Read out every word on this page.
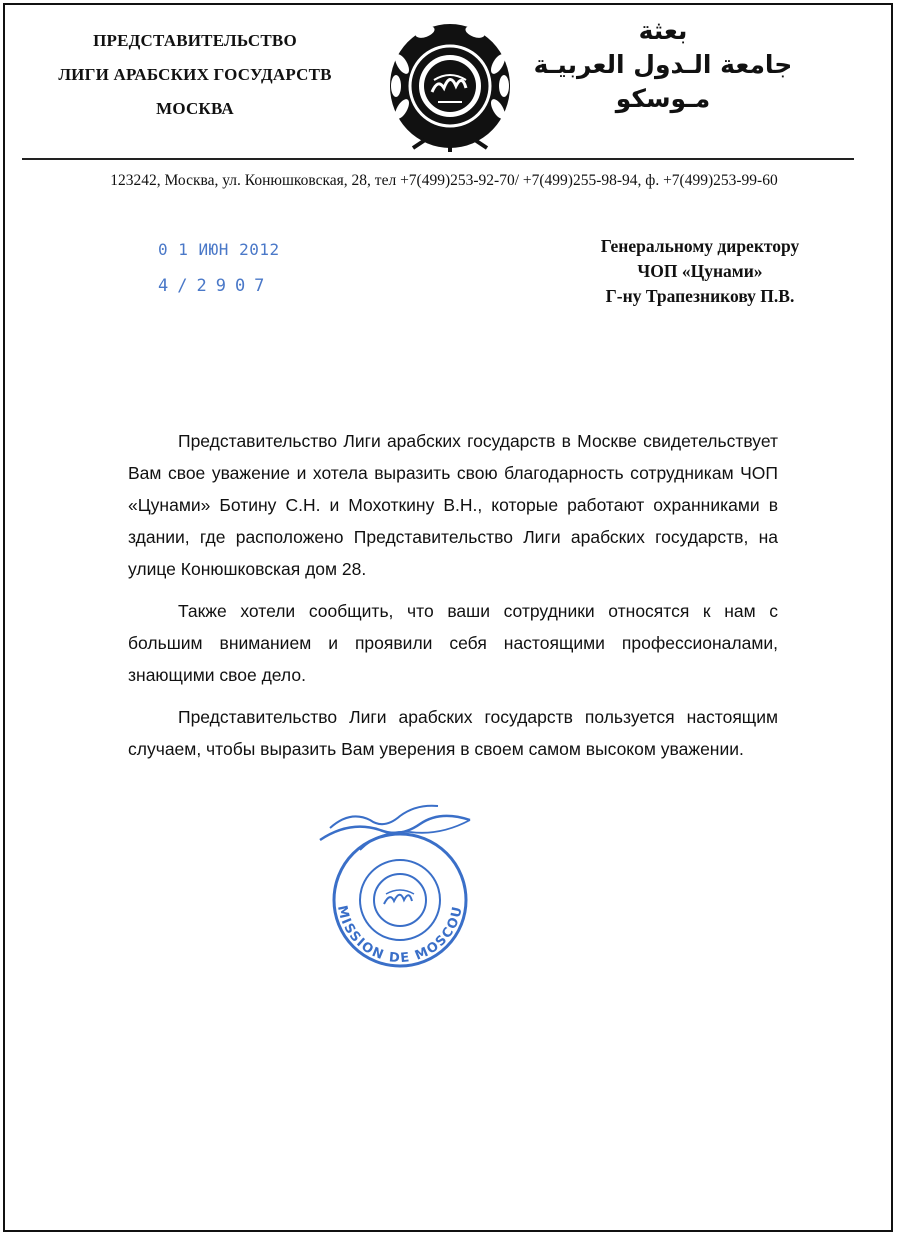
ПРЕДСТАВИТЕЛЬСТВО
ЛИГИ АРАБСКИХ ГОСУДАРСТВ
МОСКВА
بعثة
جامعة الـدول العربيـة
مـوسكو
123242, Москва, ул. Конюшковская, 28, тел +7(499)253-92-70/ +7(499)255-98-94, ф. +7(499)253-99-60
0 1 ИЮН 2012
4/2907
Генеральному директору
ЧОП «Цунами»
Г-ну Трапезникову П.В.

Представительство Лиги арабских государств в Москве свидетельствует Вам свое уважение и хотела выразить свою благодарность сотрудникам ЧОП «Цунами» Ботину С.Н. и Мохоткину В.Н., которые работают охранниками в здании, где расположено Представительство Лиги арабских государств, на улице Конюшковская дом 28.

Также хотели сообщить, что ваши сотрудники относятся к нам с большим вниманием и проявили себя настоящими профессионалами, знающими свое дело.

Представительство Лиги арабских государств пользуется настоящим случаем, чтобы выразить Вам уверения в своем самом высоком уважении.

MISSION DE MOSCOU
